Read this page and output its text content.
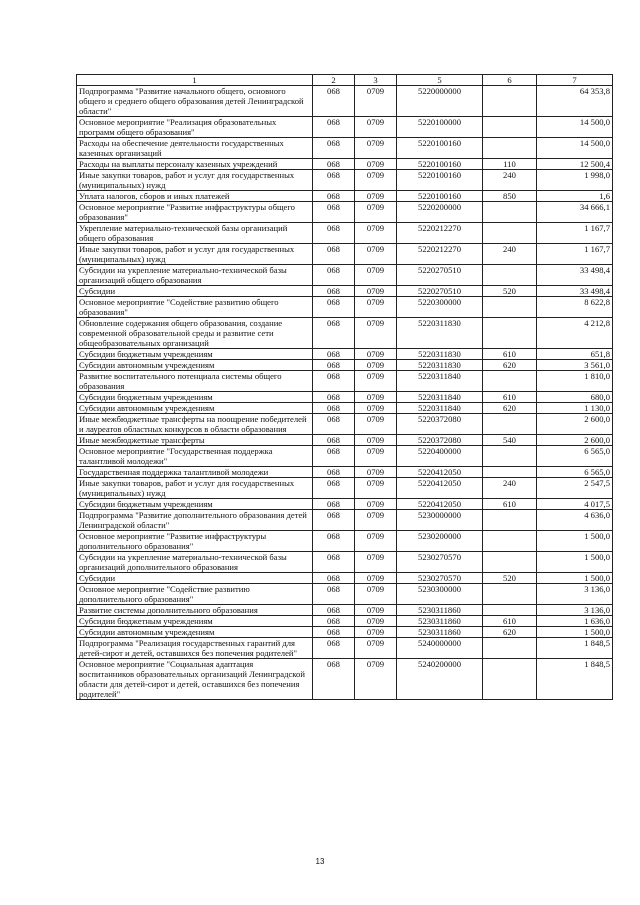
1	2	3	5	6	7
Подпрограмма "Развитие начального общего, основного общего и среднего общего образования детей Ленинградской области"	068	0709	5220000000		64 353,8
Основное мероприятие "Реализация образовательных программ общего образования"	068	0709	5220100000		14 500,0
Расходы на обеспечение деятельности государственных казенных организаций	068	0709	5220100160		14 500,0
Расходы на выплаты персоналу казенных учреждений	068	0709	5220100160	110	12 500,4
Иные закупки товаров, работ и услуг для государственных (муниципальных) нужд	068	0709	5220100160	240	1 998,0
Уплата налогов, сборов и иных платежей	068	0709	5220100160	850	1,6
Основное мероприятие "Развитие инфраструктуры общего образования"	068	0709	5220200000		34 666,1
Укрепление материально-технической базы организаций общего образования	068	0709	5220212270		1 167,7
Иные закупки товаров, работ и услуг для государственных (муниципальных) нужд	068	0709	5220212270	240	1 167,7
Субсидии на укрепление материально-технической базы организаций общего образования	068	0709	5220270510		33 498,4
Субсидии	068	0709	5220270510	520	33 498,4
Основное мероприятие "Содействие развитию общего образования"	068	0709	5220300000		8 622,8
Обновление содержания общего образования, создание современной образовательной среды и развитие сети общеобразовательных организаций	068	0709	5220311830		4 212,8
Субсидии бюджетным учреждениям	068	0709	5220311830	610	651,8
Субсидии автономным учреждениям	068	0709	5220311830	620	3 561,0
Развитие воспитательного потенциала системы общего образования	068	0709	5220311840		1 810,0
Субсидии бюджетным учреждениям	068	0709	5220311840	610	680,0
Субсидии автономным учреждениям	068	0709	5220311840	620	1 130,0
Иные межбюджетные трансферты на поощрение победителей и лауреатов областных конкурсов в области образования	068	0709	5220372080		2 600,0
Иные межбюджетные трансферты	068	0709	5220372080	540	2 600,0
Основное мероприятие "Государственная поддержка талантливой молодежи"	068	0709	5220400000		6 565,0
Государственная поддержка талантливой молодежи	068	0709	5220412050		6 565,0
Иные закупки товаров, работ и услуг для государственных (муниципальных) нужд	068	0709	5220412050	240	2 547,5
Субсидии бюджетным учреждениям	068	0709	5220412050	610	4 017,5
Подпрограмма "Развитие дополнительного образования детей Ленинградской области"	068	0709	5230000000		4 636,0
Основное мероприятие "Развитие инфраструктуры дополнительного образования"	068	0709	5230200000		1 500,0
Субсидии на укрепление материально-технической базы организаций дополнительного образования	068	0709	5230270570		1 500,0
Субсидии	068	0709	5230270570	520	1 500,0
Основное мероприятие "Содействие развитию дополнительного образования"	068	0709	5230300000		3 136,0
Развитие системы дополнительного образования	068	0709	5230311860		3 136,0
Субсидии бюджетным учреждениям	068	0709	5230311860	610	1 636,0
Субсидии автономным учреждениям	068	0709	5230311860	620	1 500,0
Подпрограмма "Реализация государственных гарантий для детей-сирот и детей, оставшихся без попечения родителей"	068	0709	5240000000		1 848,5
Основное мероприятие "Социальная адаптация воспитанников образовательных организаций Ленинградской области для детей-сирот и детей, оставшихся без попечения родителей"	068	0709	5240200000		1 848,5
13
